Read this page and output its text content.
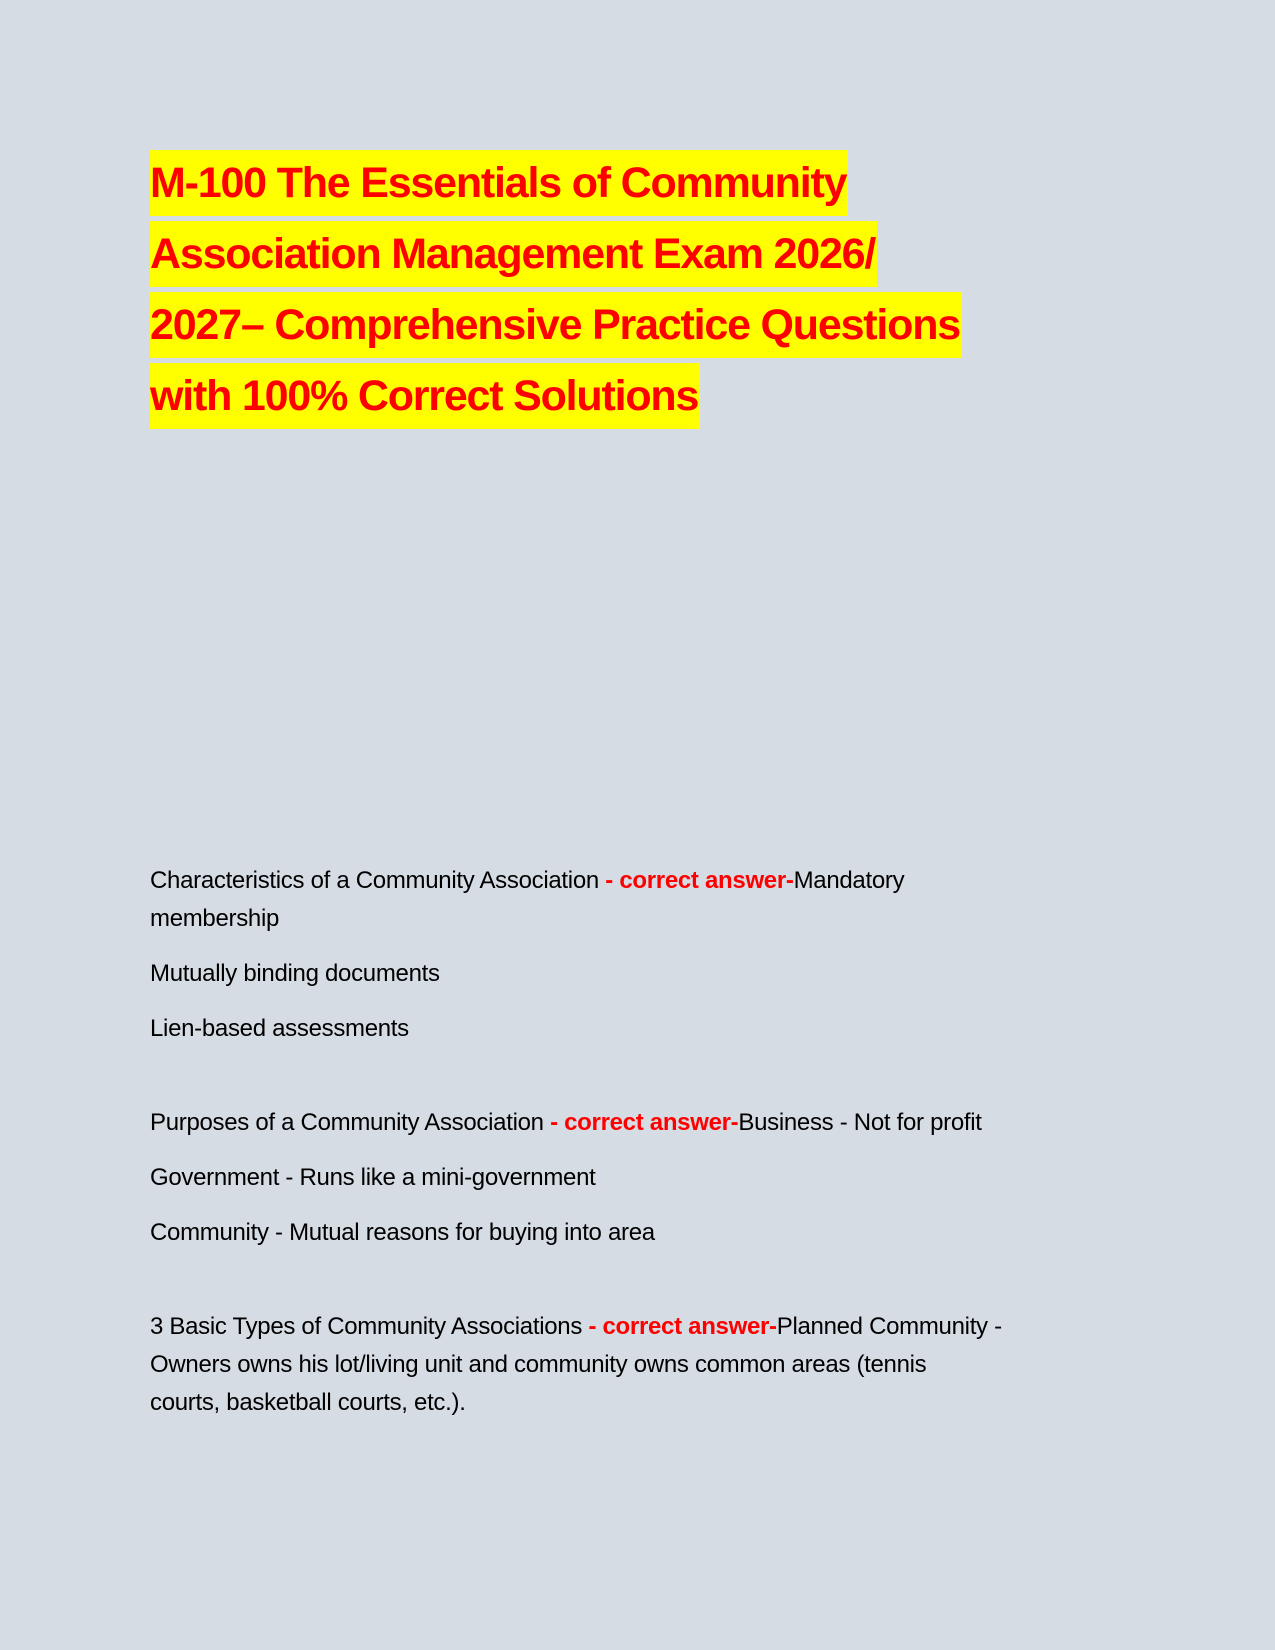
M-100 The Essentials of Community
Association Management Exam 2026/
2027– Comprehensive Practice Questions
with 100% Correct Solutions
Characteristics of a Community Association - correct answer-Mandatory
membership
Mutually binding documents
Lien-based assessments
Purposes of a Community Association - correct answer-Business - Not for profit
Government - Runs like a mini-government
Community - Mutual reasons for buying into area
3 Basic Types of Community Associations - correct answer-Planned Community -
Owners owns his lot/living unit and community owns common areas (tennis
courts, basketball courts, etc.).
